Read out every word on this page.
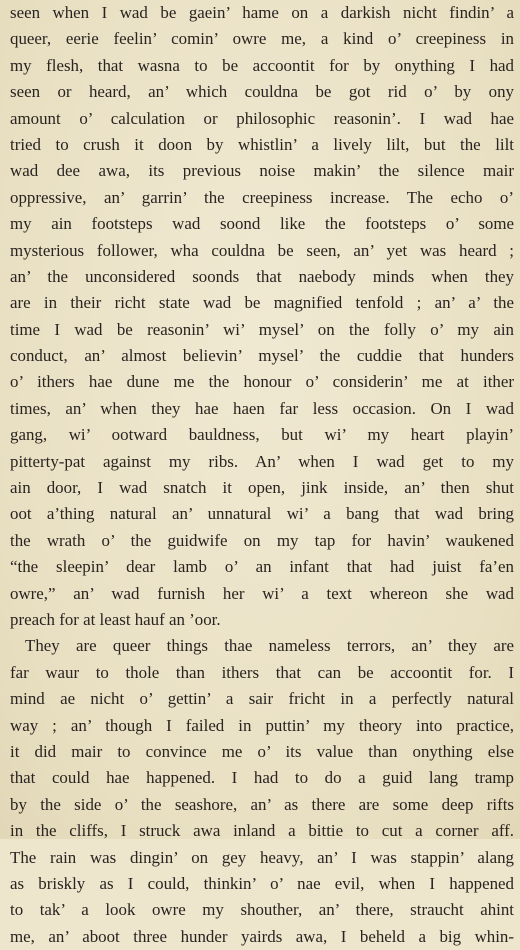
seen when I wad be gaein’ hame on a darkish nicht findin’ a
queer, eerie feelin’ comin’ owre me, a kind o’ creepiness in
my flesh, that wasna to be accoontit for by onything I had
seen or heard, an’ which couldna be got rid o’ by ony
amount o’ calculation or philosophic reasonin’. I wad hae
tried to crush it doon by whistlin’ a lively lilt, but the lilt
wad dee awa, its previous noise makin’ the silence mair
oppressive, an’ garrin’ the creepiness increase. The echo o’
my ain footsteps wad soond like the footsteps o’ some
mysterious follower, wha couldna be seen, an’ yet was heard ;
an’ the unconsidered soonds that naebody minds when they
are in their richt state wad be magnified tenfold ; an’ a’ the
time I wad be reasonin’ wi’ mysel’ on the folly o’ my ain
conduct, an’ almost believin’ mysel’ the cuddie that hunders
o’ ithers hae dune me the honour o’ considerin’ me at ither
times, an’ when they hae haen far less occasion. On I wad
gang, wi’ ootward bauldness, but wi’ my heart playin’
pitterty-pat against my ribs. An’ when I wad get to my
ain door, I wad snatch it open, jink inside, an’ then shut
oot a’thing natural an’ unnatural wi’ a bang that wad bring
the wrath o’ the guidwife on my tap for havin’ waukened
“the sleepin’ dear lamb o’ an infant that had juist fa’en
owre,” an’ wad furnish her wi’ a text whereon she wad
preach for at least hauf an ’oor.
They are queer things thae nameless terrors, an’ they are
far waur to thole than ithers that can be accoontit for. I
mind ae nicht o’ gettin’ a sair fricht in a perfectly natural
way ; an’ though I failed in puttin’ my theory into practice,
it did mair to convince me o’ its value than onything else
that could hae happened. I had to do a guid lang tramp
by the side o’ the seashore, an’ as there are some deep rifts
in the cliffs, I struck awa inland a bittie to cut a corner aff.
The rain was dingin’ on gey heavy, an’ I was stappin’ alang
as briskly as I could, thinkin’ o’ nae evil, when I happened
to tak’ a look owre my shouther, an’ there, straucht ahint
me, an’ aboot three hunder yairds awa, I beheld a big whin-
